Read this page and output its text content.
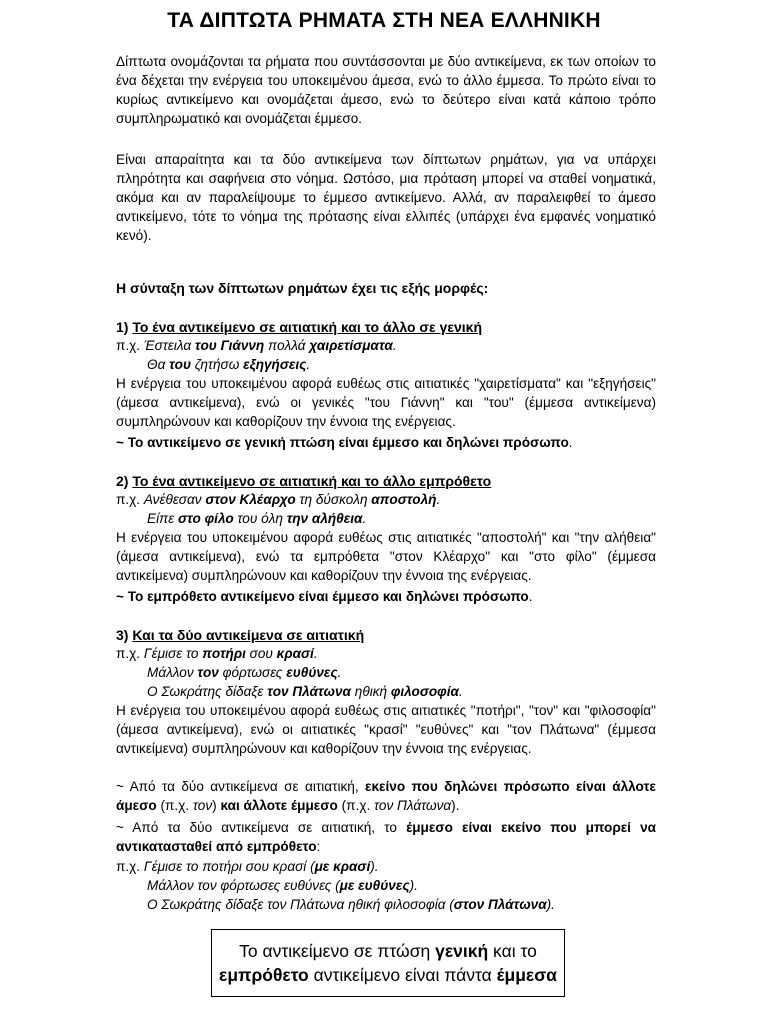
ΤΑ ΔΙΠΤΩΤΑ ΡΗΜΑΤΑ ΣΤΗ ΝΕΑ ΕΛΛΗΝΙΚΗ
Δίπτωτα ονομάζονται τα ρήματα που συντάσσονται με δύο αντικείμενα, εκ των οποίων το ένα δέχεται την ενέργεια του υποκειμένου άμεσα, ενώ το άλλο έμμεσα. Το πρώτο είναι το κυρίως αντικείμενο και ονομάζεται άμεσο, ενώ το δεύτερο είναι κατά κάποιο τρόπο συμπληρωματικό και ονομάζεται έμμεσο.
Είναι απαραίτητα και τα δύο αντικείμενα των δίπτωτων ρημάτων, για να υπάρχει πληρότητα και σαφήνεια στο νόημα. Ωστόσο, μια πρόταση μπορεί να σταθεί νοηματικά, ακόμα και αν παραλείψουμε το έμμεσο αντικείμενο. Αλλά, αν παραλειφθεί το άμεσο αντικείμενο, τότε το νόημα της πρότασης είναι ελλιπές (υπάρχει ένα εμφανές νοηματικό κενό).
Η σύνταξη των δίπτωτων ρημάτων έχει τις εξής μορφές:
1) Το ένα αντικείμενο σε αιτιατική και το άλλο σε γενική
π.χ. Έστειλα του Γιάννη πολλά χαιρετίσματα.
Θα του ζητήσω εξηγήσεις.
Η ενέργεια του υποκειμένου αφορά ευθέως στις αιτιατικές "χαιρετίσματα" και "εξηγήσεις" (άμεσα αντικείμενα), ενώ οι γενικές "του Γιάννη" και "του" (έμμεσα αντικείμενα) συμπληρώνουν και καθορίζουν την έννοια της ενέργειας.
~ Το αντικείμενο σε γενική πτώση είναι έμμεσο και δηλώνει πρόσωπο.
2) Το ένα αντικείμενο σε αιτιατική και το άλλο εμπρόθετο
π.χ. Ανέθεσαν στον Κλέαρχο τη δύσκολη αποστολή.
Είπε στο φίλο του όλη την αλήθεια.
Η ενέργεια του υποκειμένου αφορά ευθέως στις αιτιατικές "αποστολή" και "την αλήθεια" (άμεσα αντικείμενα), ενώ τα εμπρόθετα "στον Κλέαρχο" και "στο φίλο" (έμμεσα αντικείμενα) συμπληρώνουν και καθορίζουν την έννοια της ενέργειας.
~ Το εμπρόθετο αντικείμενο είναι έμμεσο και δηλώνει πρόσωπο.
3) Και τα δύο αντικείμενα σε αιτιατική
π.χ. Γέμισε το ποτήρι σου κρασί.
Μάλλον τον φόρτωσες ευθύνες.
Ο Σωκράτης δίδαξε τον Πλάτωνα ηθική φιλοσοφία.
Η ενέργεια του υποκειμένου αφορά ευθέως στις αιτιατικές "ποτήρι", "τον" και "φιλοσοφία" (άμεσα αντικείμενα), ενώ οι αιτιατικές "κρασί" "ευθύνες" και "τον Πλάτωνα" (έμμεσα αντικείμενα) συμπληρώνουν και καθορίζουν την έννοια της ενέργειας.
~ Από τα δύο αντικείμενα σε αιτιατική, εκείνο που δηλώνει πρόσωπο είναι άλλοτε άμεσο (π.χ. τον) και άλλοτε έμμεσο (π.χ. τον Πλάτωνα).
~ Από τα δύο αντικείμενα σε αιτιατική, το έμμεσο είναι εκείνο που μπορεί να αντικατασταθεί από εμπρόθετο:
π.χ. Γέμισε το ποτήρι σου κρασί (με κρασί).
Μάλλον τον φόρτωσες ευθύνες (με ευθύνες).
Ο Σωκράτης δίδαξε τον Πλάτωνα ηθική φιλοσοφία (στον Πλάτωνα).
Το αντικείμενο σε πτώση γενική και το
εμπρόθετο αντικείμενο είναι πάντα έμμεσα
